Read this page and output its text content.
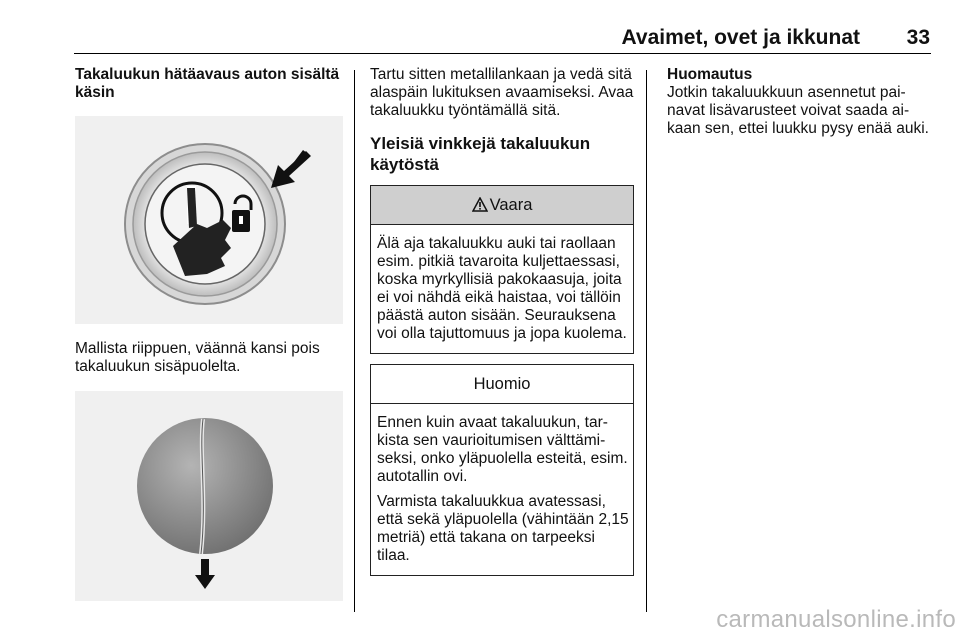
Avaimet, ovet ja ikkunat	33

Takaluukun hätäavaus auton sisältä käsin

Mallista riippuen, väännä kansi pois takaluukun sisäpuolelta.

Tartu sitten metallilankaan ja vedä sitä alaspäin lukituksen avaamiseksi. Avaa takaluukku työntämällä sitä.

Yleisiä vinkkejä takaluukun käytöstä

Vaara

Älä aja takaluukku auki tai raollaan esim. pitkiä tavaroita kuljettaessasi, koska myrkyllisiä pakokaasuja, joita ei voi nähdä eikä haistaa, voi tällöin päästä auton sisään. Seurauksena voi olla tajuttomuus ja jopa kuolema.

Huomio

Ennen kuin avaat takaluukun, tarkista sen vaurioitumisen välttämiseksi, onko yläpuolella esteitä, esim. autotallin ovi.

Varmista takaluukkua avatessasi, että sekä yläpuolella (vähintään 2,15 metriä) että takana on tarpeeksi tilaa.

Huomautus

Jotkin takaluukkuun asennetut painavat lisävarusteet voivat saada aikaan sen, ettei luukku pysy enää auki.

carmanualsonline.info
